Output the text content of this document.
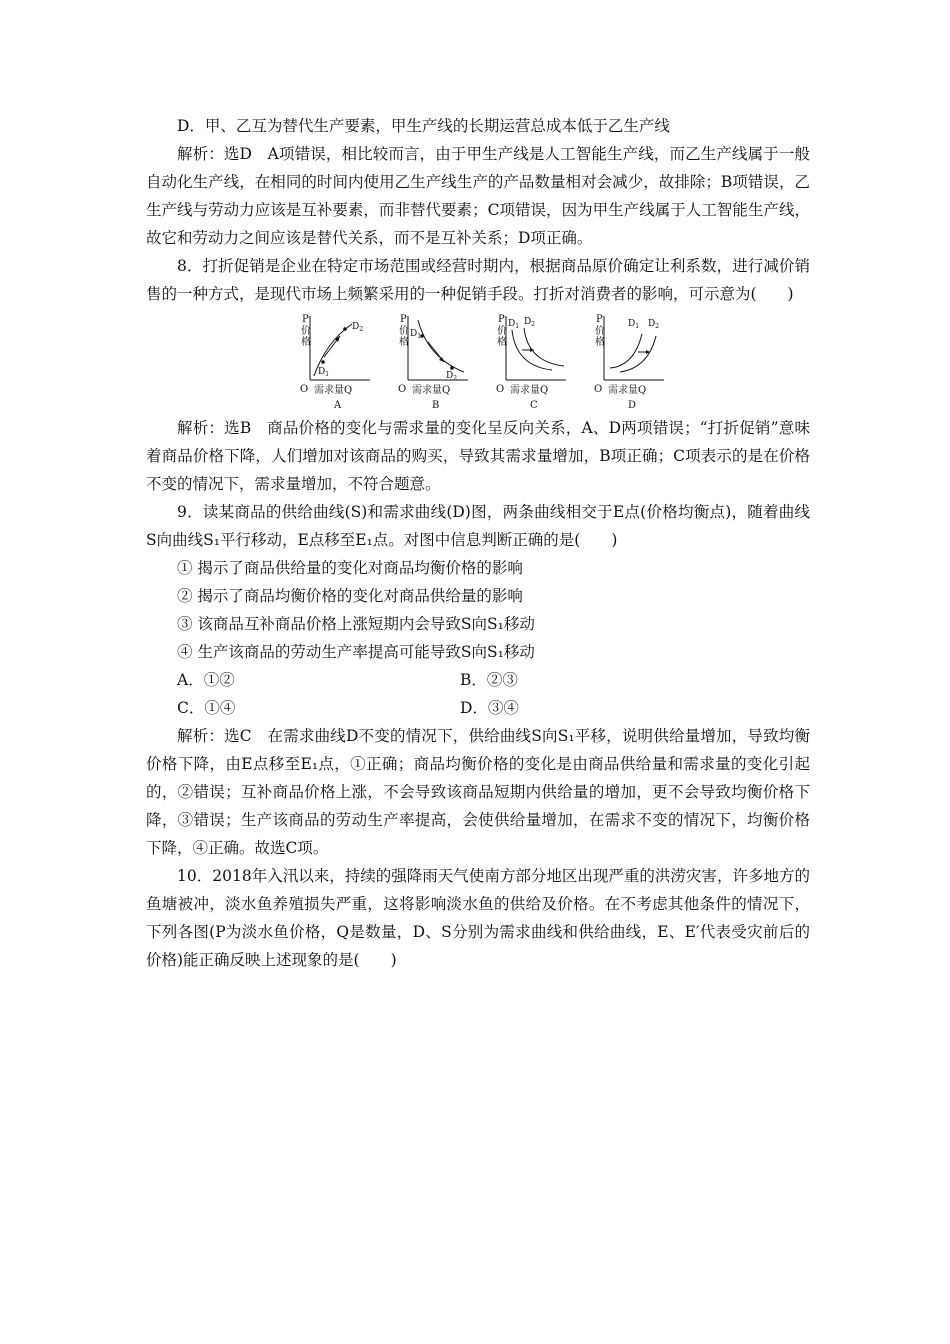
D．甲、乙互为替代生产要素，甲生产线的长期运营总成本低于乙生产线

解析：选D　A项错误，相比较而言，由于甲生产线是人工智能生产线，而乙生产线属于一般自动化生产线，在相同的时间内使用乙生产线生产的产品数量相对会减少，故排除；B项错误，乙生产线与劳动力应该是互补要素，而非替代要素；C项错误，因为甲生产线属于人工智能生产线，故它和劳动力之间应该是替代关系，而不是互补关系；D项正确。

8．打折促销是企业在特定市场范围或经营时期内，根据商品原价确定让利系数，进行减价销售的一种方式，是现代市场上频繁采用的一种促销手段。打折对消费者的影响，可示意为(　　)

P
价
格
O 需求量Q
$D_1$
$D_2$
A
P
价
格
O 需求量Q
$D_1$
$D_2$
B
P
价
格
O 需求量Q
$D_1$ $D_2$
C
P
价
格
O 需求量Q
$D_1$ $D_2$
D

解析：选B　商品价格的变化与需求量的变化呈反向关系，A、D两项错误；“打折促销”意味着商品价格下降，人们增加对该商品的购买，导致其需求量增加，B项正确；C项表示的是在价格不变的情况下，需求量增加，不符合题意。

9．读某商品的供给曲线(S)和需求曲线(D)图，两条曲线相交于E点(价格均衡点)，随着曲线S向曲线S₁平行移动，E点移至E₁点。对图中信息判断正确的是(　　)

① 揭示了商品供给量的变化对商品均衡价格的影响

② 揭示了商品均衡价格的变化对商品供给量的影响

③ 该商品互补商品价格上涨短期内会导致S向S₁移动

④ 生产该商品的劳动生产率提高可能导致S向S₁移动

A．①②	B．②③

C．①④	D．③④

解析：选C　在需求曲线D不变的情况下，供给曲线S向S₁平移，说明供给量增加，导致均衡价格下降，由E点移至E₁点，①正确；商品均衡价格的变化是由商品供给量和需求量的变化引起的，②错误；互补商品价格上涨，不会导致该商品短期内供给量的增加，更不会导致均衡价格下降，③错误；生产该商品的劳动生产率提高，会使供给量增加，在需求不变的情况下，均衡价格下降，④正确。故选C项。

10．2018年入汛以来，持续的强降雨天气使南方部分地区出现严重的洪涝灾害，许多地方的鱼塘被冲，淡水鱼养殖损失严重，这将影响淡水鱼的供给及价格。在不考虑其他条件的情况下，下列各图(P为淡水鱼价格，Q是数量，D、S分别为需求曲线和供给曲线，E、E′代表受灾前后的价格)能正确反映上述现象的是(　　)
